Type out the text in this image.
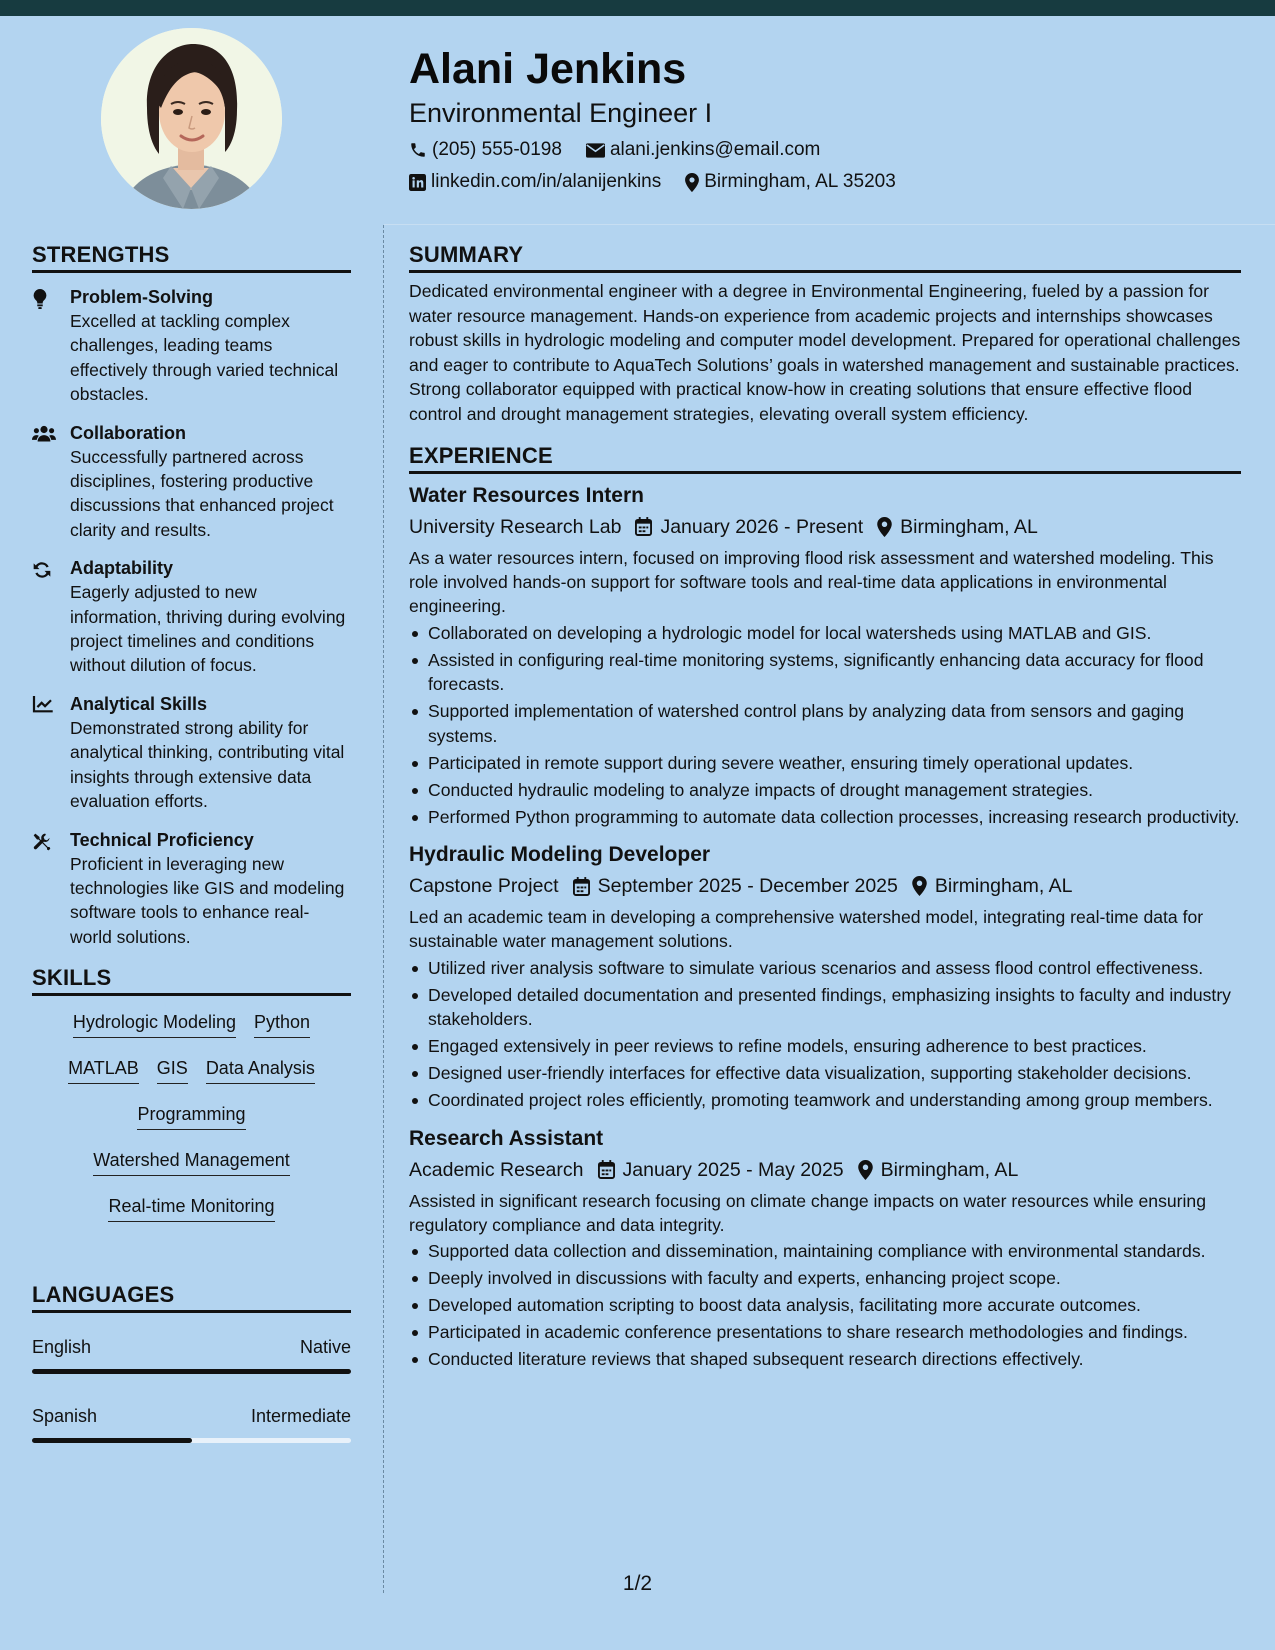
Alani Jenkins
Environmental Engineer I
(205) 555-0198	alani.jenkins@email.com
linkedin.com/in/alanijenkins Birmingham, AL 35203
STRENGTHS
Problem-Solving
Excelled at tackling complex challenges, leading teams effectively through varied technical obstacles.
Collaboration
Successfully partnered across disciplines, fostering productive discussions that enhanced project clarity and results.
Adaptability
Eagerly adjusted to new information, thriving during evolving project timelines and conditions without dilution of focus.
Analytical Skills
Demonstrated strong ability for analytical thinking, contributing vital insights through extensive data evaluation efforts.
Technical Proficiency
Proficient in leveraging new technologies like GIS and modeling software tools to enhance real-world solutions.
SKILLS
Hydrologic Modeling Python
MATLAB GIS Data Analysis
Programming
Watershed Management
Real-time Monitoring
LANGUAGES
English	Native
Spanish	Intermediate
SUMMARY
Dedicated environmental engineer with a degree in Environmental Engineering, fueled by a passion for water resource management. Hands-on experience from academic projects and internships showcases robust skills in hydrologic modeling and computer model development. Prepared for operational challenges and eager to contribute to AquaTech Solutions’ goals in watershed management and sustainable practices. Strong collaborator equipped with practical know-how in creating solutions that ensure effective flood control and drought management strategies, elevating overall system efficiency.
EXPERIENCE
Water Resources Intern
University Research Lab January 2026 - Present Birmingham, AL
As a water resources intern, focused on improving flood risk assessment and watershed modeling. This role involved hands-on support for software tools and real-time data applications in environmental engineering.
Collaborated on developing a hydrologic model for local watersheds using MATLAB and GIS.
Assisted in configuring real-time monitoring systems, significantly enhancing data accuracy for flood forecasts.
Supported implementation of watershed control plans by analyzing data from sensors and gaging systems.
Participated in remote support during severe weather, ensuring timely operational updates.
Conducted hydraulic modeling to analyze impacts of drought management strategies.
Performed Python programming to automate data collection processes, increasing research productivity.
Hydraulic Modeling Developer
Capstone Project September 2025 - December 2025 Birmingham, AL
Led an academic team in developing a comprehensive watershed model, integrating real-time data for sustainable water management solutions.
Utilized river analysis software to simulate various scenarios and assess flood control effectiveness.
Developed detailed documentation and presented findings, emphasizing insights to faculty and industry stakeholders.
Engaged extensively in peer reviews to refine models, ensuring adherence to best practices.
Designed user-friendly interfaces for effective data visualization, supporting stakeholder decisions.
Coordinated project roles efficiently, promoting teamwork and understanding among group members.
Research Assistant
Academic Research January 2025 - May 2025 Birmingham, AL
Assisted in significant research focusing on climate change impacts on water resources while ensuring regulatory compliance and data integrity.
Supported data collection and dissemination, maintaining compliance with environmental standards.
Deeply involved in discussions with faculty and experts, enhancing project scope.
Developed automation scripting to boost data analysis, facilitating more accurate outcomes.
Participated in academic conference presentations to share research methodologies and findings.
Conducted literature reviews that shaped subsequent research directions effectively.
1/2
